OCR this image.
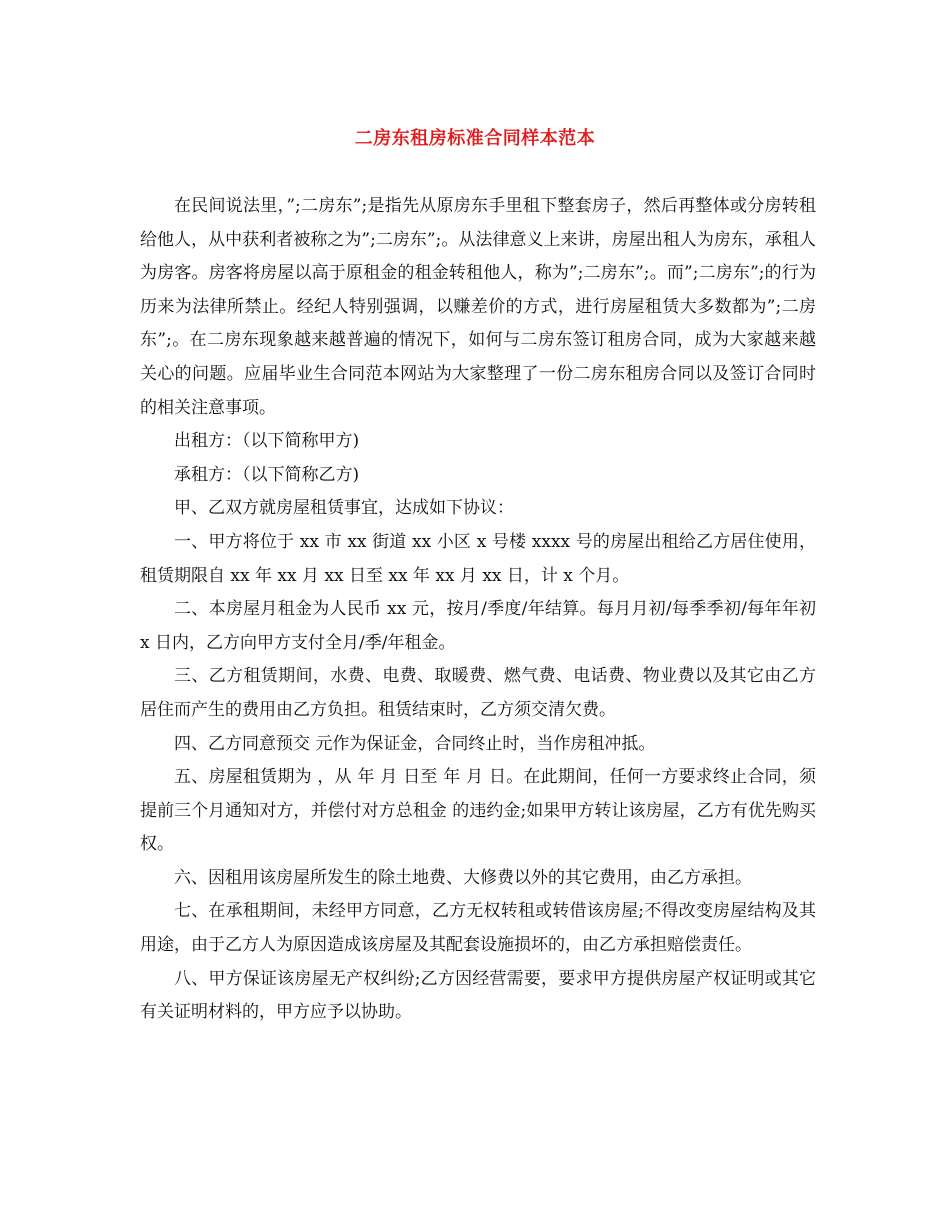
二房东租房标准合同样本范本

在民间说法里，”;二房东”;是指先从原房东手里租下整套房子，然后再整体或分房转租给他人，从中获利者被称之为”;二房东”;。从法律意义上来讲，房屋出租人为房东，承租人为房客。房客将房屋以高于原租金的租金转租他人，称为”;二房东”;。而”;二房东”;的行为历来为法律所禁止。经纪人特别强调，以赚差价的方式，进行房屋租赁大多数都为”;二房东”;。在二房东现象越来越普遍的情况下，如何与二房东签订租房合同，成为大家越来越关心的问题。应届毕业生合同范本网站为大家整理了一份二房东租房合同以及签订合同时的相关注意事项。

出租方：（以下简称甲方)

承租方：（以下简称乙方)

甲、乙双方就房屋租赁事宜，达成如下协议：

一、甲方将位于 xx 市 xx 街道 xx 小区 x 号楼 xxxx 号的房屋出租给乙方居住使用，租赁期限自 xx 年 xx 月 xx 日至 xx 年 xx 月 xx 日，计 x 个月。

二、本房屋月租金为人民币 xx 元，按月/季度/年结算。每月月初/每季季初/每年年初 x 日内，乙方向甲方支付全月/季/年租金。

三、乙方租赁期间，水费、电费、取暖费、燃气费、电话费、物业费以及其它由乙方居住而产生的费用由乙方负担。租赁结束时，乙方须交清欠费。

四、乙方同意预交 元作为保证金，合同终止时，当作房租冲抵。

五、房屋租赁期为 ，从 年 月 日至 年 月 日。在此期间，任何一方要求终止合同，须提前三个月通知对方，并偿付对方总租金 的违约金;如果甲方转让该房屋，乙方有优先购买权。

六、因租用该房屋所发生的除土地费、大修费以外的其它费用，由乙方承担。

七、在承租期间，未经甲方同意，乙方无权转租或转借该房屋;不得改变房屋结构及其用途，由于乙方人为原因造成该房屋及其配套设施损坏的，由乙方承担赔偿责任。

八、甲方保证该房屋无产权纠纷;乙方因经营需要，要求甲方提供房屋产权证明或其它有关证明材料的，甲方应予以协助。
